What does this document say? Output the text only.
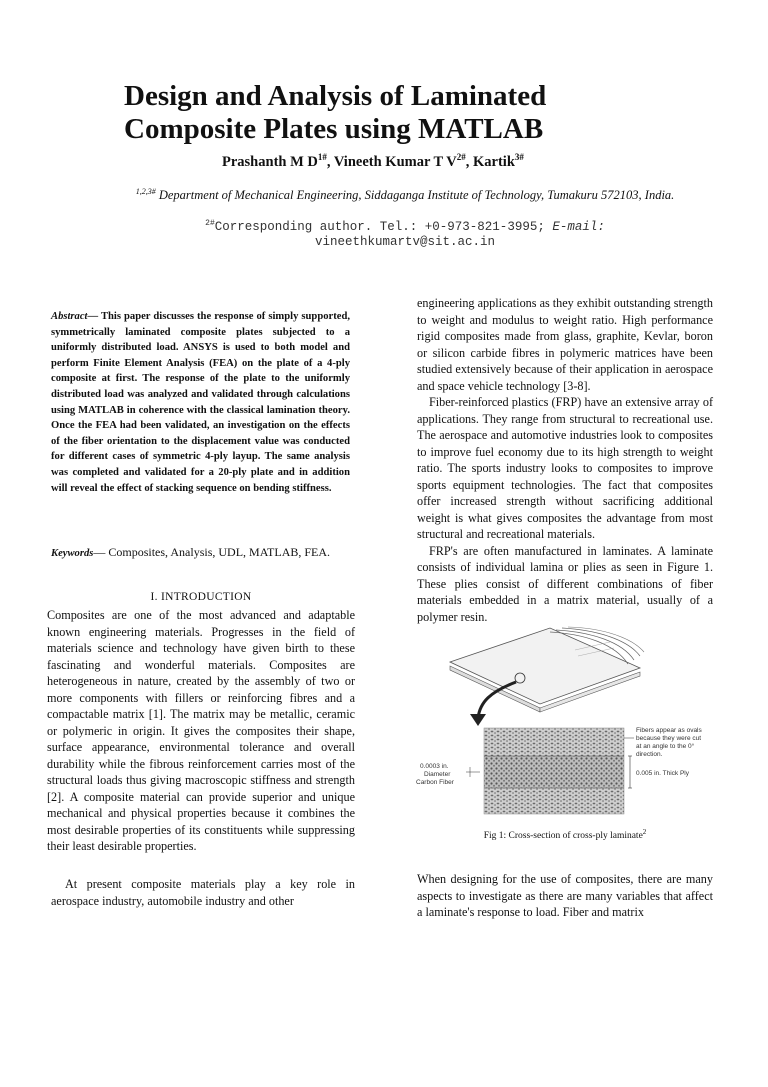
Design and Analysis of Laminated Composite Plates using MATLAB
Prashanth M $D^{1\#}$, Vineeth Kumar T $V^{2\#}$, Kartik$^{3\#}$
$^{1,2,3\#}$ Department of Mechanical Engineering, Siddaganga Institute of Technology, Tumakuru 572103, India.
$^{2\#}$Corresponding author. Tel.: +0-973-821-3995; E-mail:
vineethkumartv@sit.ac.in
Abstract— This paper discusses the response of simply supported, symmetrically laminated composite plates subjected to a uniformly distributed load. ANSYS is used to both model and perform Finite Element Analysis (FEA) on the plate of a 4-ply composite at first. The response of the plate to the uniformly distributed load was analyzed and validated through calculations using MATLAB in coherence with the classical lamination theory. Once the FEA had been validated, an investigation on the effects of the fiber orientation to the displacement value was conducted for different cases of symmetric 4-ply layup. The same analysis was completed and validated for a 20-ply plate and in addition will reveal the effect of stacking sequence on bending stiffness.
Keywords— Composites, Analysis, UDL, MATLAB, FEA.
I. INTRODUCTION
Composites are one of the most advanced and adaptable known engineering materials. Progresses in the field of materials science and technology have given birth to these fascinating and wonderful materials. Composites are heterogeneous in nature, created by the assembly of two or more components with fillers or reinforcing fibres and a compactable matrix [1]. The matrix may be metallic, ceramic or polymeric in origin. It gives the composites their shape, surface appearance, environmental tolerance and overall durability while the fibrous reinforcement carries most of the structural loads thus giving macroscopic stiffness and strength [2]. A composite material can provide superior and unique mechanical and physical properties because it combines the most desirable properties of its constituents while suppressing their least desirable properties.
At present composite materials play a key role in aerospace industry, automobile industry and other

engineering applications as they exhibit outstanding strength to weight and modulus to weight ratio. High performance rigid composites made from glass, graphite, Kevlar, boron or silicon carbide fibres in polymeric matrices have been studied extensively because of their application in aerospace and space vehicle technology [3-8].

Fiber-reinforced plastics (FRP) have an extensive array of applications. They range from structural to recreational use. The aerospace and automotive industries look to composites to improve fuel economy due to its high strength to weight ratio. The sports industry looks to composites to improve sports equipment technologies. The fact that composites offer increased strength without sacrificing additional weight is what gives composites the advantage from most structural and recreational materials.

FRP's are often manufactured in laminates. A laminate consists of individual lamina or plies as seen in Figure 1. These plies consist of different combinations of fiber materials embedded in a matrix material, usually of a polymer resin.

Fibers appear as ovals
because they were cut
at an angle to the 0°
direction.
0.005 in. Thick Ply
0.0003 in.
Diameter
Carbon Fiber
Fig 1: Cross-section of cross-ply laminate$^2$
When designing for the use of composites, there are many aspects to investigate as there are many variables that affect a laminate's response to load. Fiber and matrix
